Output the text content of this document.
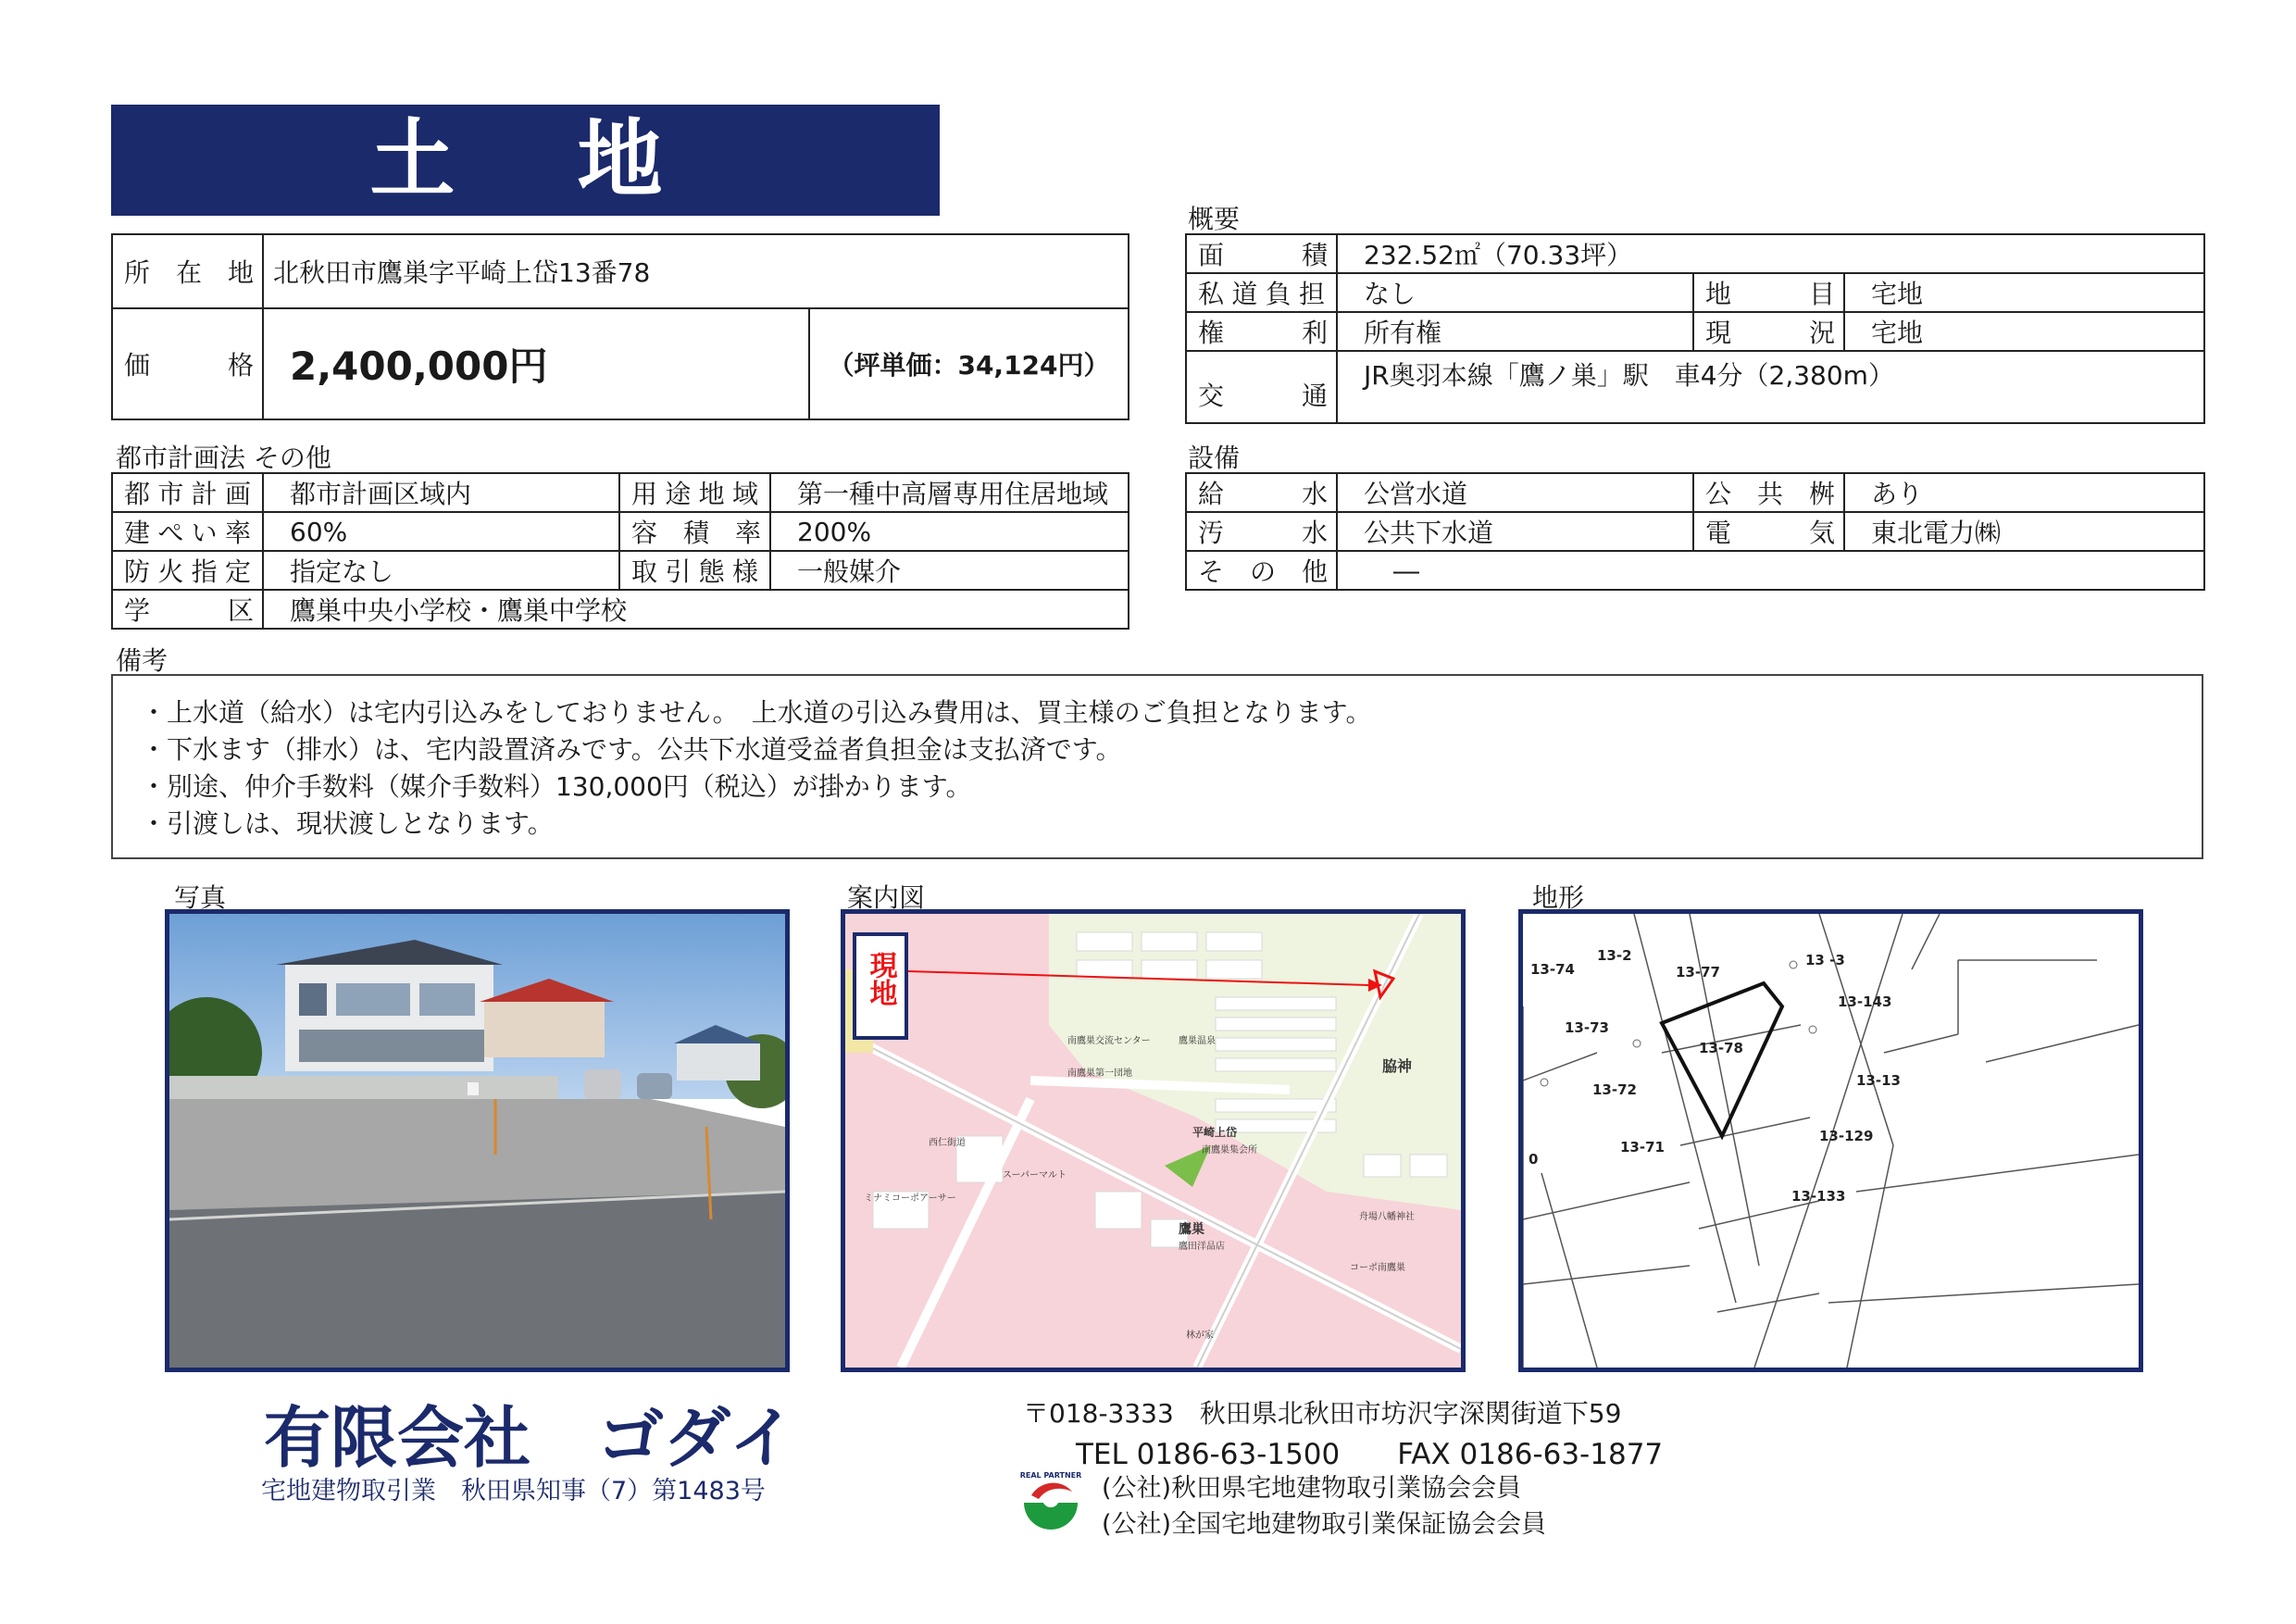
土　地
所　在　地	北秋田市鷹巣字平崎上岱13番78	
価　　　格	2,400,000円	（坪単価：34,124円）
概要
面　　　積	232.52㎡（70.33坪）		
私道負担	なし	地　　　目	宅地
権　　　利	所有権	現　　　況	宅地
交　　　通	JR奥羽本線「鷹ノ巣」駅　車4分（2,380m）		
都市計画法 その他
都市計画	都市計画区域内	用途地域	第一種中高層専用住居地域
建ぺい率	60%	容　積　率	200%
防火指定	指定なし	取引態様	一般媒介
学　　　区	鷹巣中央小学校・鷹巣中学校		
設備
給　　　水	公営水道	公　共　桝	あり
汚　　　水	公共下水道	電　　　気	東北電力㈱
そ　の　他	―		
備考
・上水道（給水）は宅内引込みをしておりません。　上水道の引込み費用は、買主様のご負担となります。
・下水ます（排水）は、宅内設置済みです。公共下水道受益者負担金は支払済です。
・別途、仲介手数料（媒介手数料）130,000円（税込）が掛かります。
・引渡しは、現状渡しとなります。
写真	案内図
現地
脇神
平崎上岱
鷹巣
南鷹巣交流センター
南鷹巣第一団地
スーパーマルト
コーポ南鷹巣
舟場八幡神社
鷹巣温泉
南鷹巣集会所
ミナミコーポアーサー
鷹田洋品店
西仁街道
林が家
地形
13-74
13-2
13-77
13 -3
13-143
13-73
13-78
13-72
13-13
13-71
13-129
13-133
0
有限会社　ゴダイ
宅地建物取引業　秋田県知事（7）第1483号
〒018-3333　秋田県北秋田市坊沢字深関街道下59
TEL 0186-63-1500　　FAX 0186-63-1877
REAL PARTNER (公社)秋田県宅地建物取引業協会会員
(公社)全国宅地建物取引業保証協会会員
